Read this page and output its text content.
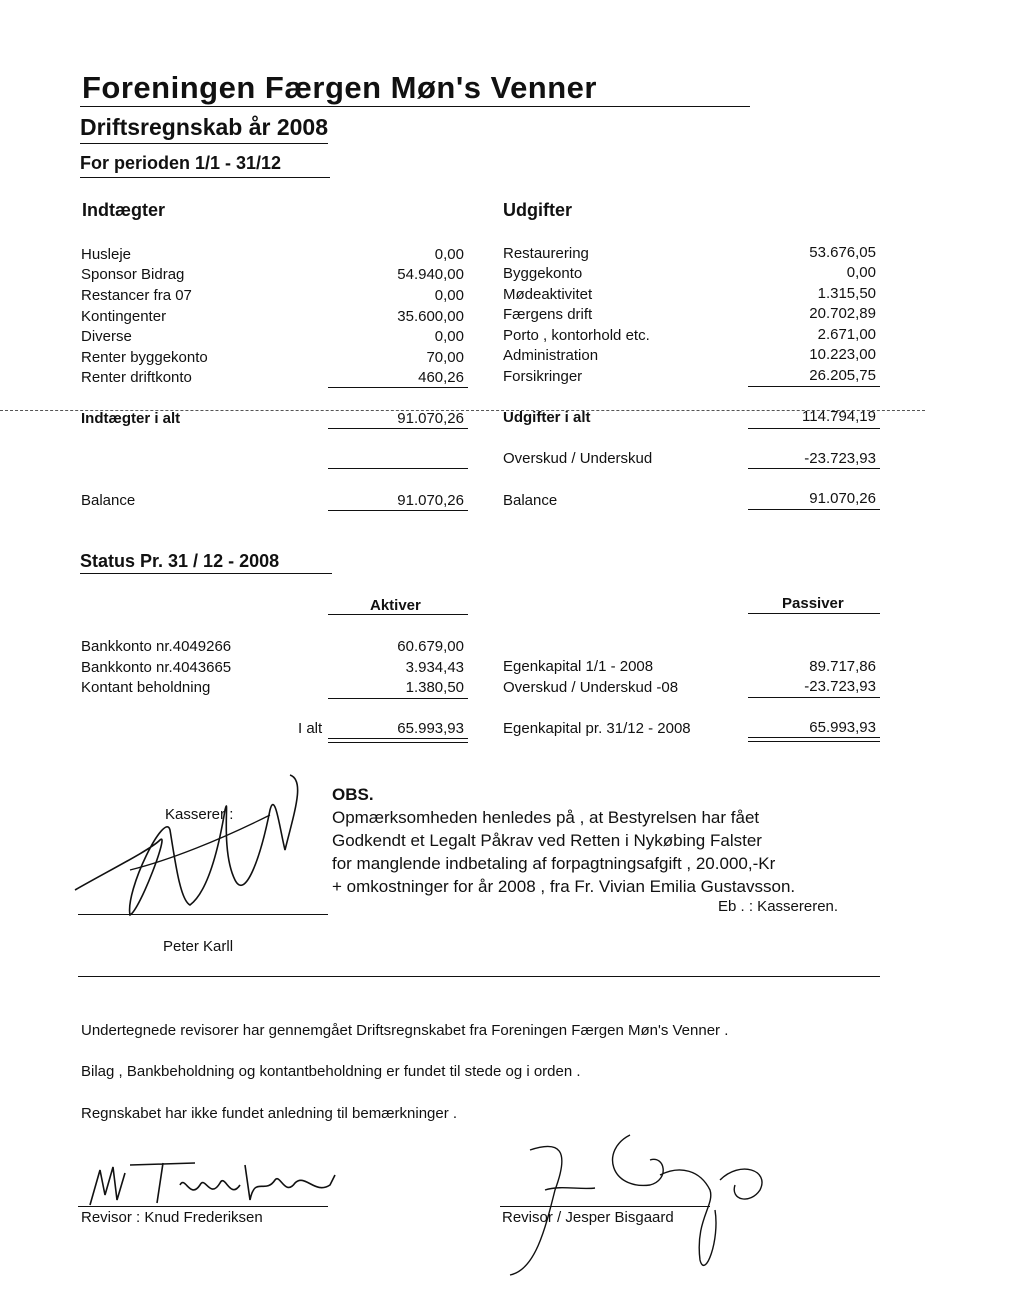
Foreningen Færgen Møn's Venner
Driftsregnskab år 2008
For perioden 1/1 - 31/12
Indtægter
Husleje	0,00
Sponsor Bidrag	54.940,00
Restancer fra 07	0,00
Kontingenter	35.600,00
Diverse	0,00
Renter byggekonto	70,00
Renter driftkonto	460,26
Udgifter
Restaurering	53.676,05
Byggekonto	0,00
Mødeaktivitet	1.315,50
Færgens drift	20.702,89
Porto , kontorhold etc.	2.671,00
Administration	10.223,00
Forsikringer	26.205,75
Indtægter i alt	91.070,26	Udgifter i alt	114.794,19
Overskud / Underskud	-23.723,93
Balance	91.070,26	Balance	91.070,26
Status Pr. 31 / 12 - 2008
Aktiver	Passiver
Bankkonto nr.4049266	60.679,00
Bankkonto nr.4043665	3.934,43
Kontant beholdning	1.380,50
Egenkapital 1/1 - 2008	89.717,86
Overskud / Underskud -08	-23.723,93
I alt	65.993,93	Egenkapital pr. 31/12 - 2008	65.993,93
Kasserer :
Peter Karll
OBS.
Opmærksomheden henledes på , at Bestyrelsen har fået
Godkendt et Legalt Påkrav ved Retten i Nykøbing Falster
for manglende indbetaling af forpagtningsafgift , 20.000,-Kr
+ omkostninger for år 2008 , fra Fr. Vivian Emilia Gustavsson.
Eb . : Kassereren.
Undertegnede revisorer har gennemgået Driftsregnskabet fra Foreningen Færgen Møn's Venner .
Bilag , Bankbeholdning og kontantbeholdning er fundet til stede og i orden .
Regnskabet har ikke fundet anledning til bemærkninger .
Revisor : Knud Frederiksen	Revisor / Jesper Bisgaard
